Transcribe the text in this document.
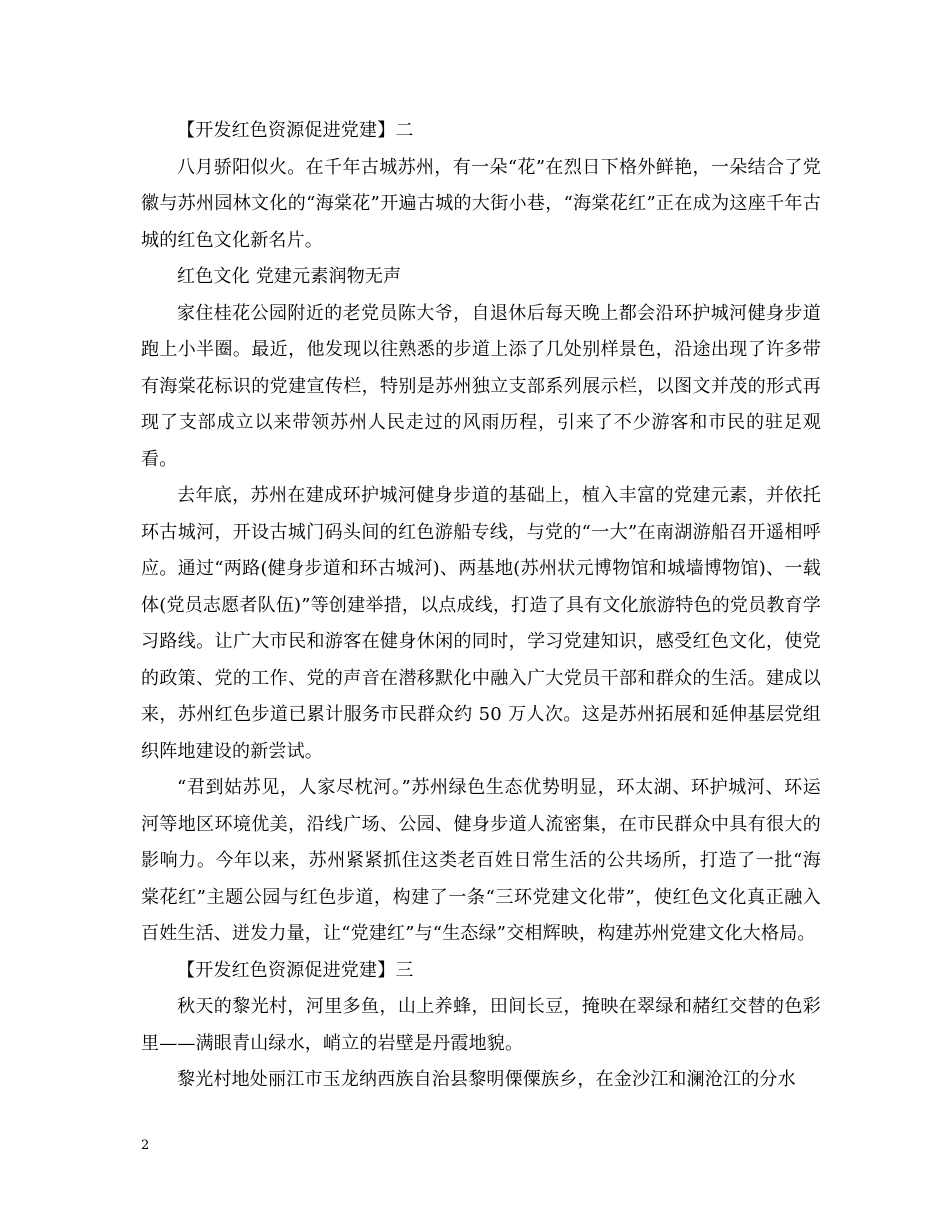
【开发红色资源促进党建】二

八月骄阳似火。在千年古城苏州，有一朵“花”在烈日下格外鲜艳，一朵结合了党徽与苏州园林文化的“海棠花”开遍古城的大街小巷，“海棠花红”正在成为这座千年古城的红色文化新名片。

红色文化 党建元素润物无声

家住桂花公园附近的老党员陈大爷，自退休后每天晚上都会沿环护城河健身步道跑上小半圈。最近，他发现以往熟悉的步道上添了几处别样景色，沿途出现了许多带有海棠花标识的党建宣传栏，特别是苏州独立支部系列展示栏，以图文并茂的形式再现了支部成立以来带领苏州人民走过的风雨历程，引来了不少游客和市民的驻足观看。

去年底，苏州在建成环护城河健身步道的基础上，植入丰富的党建元素，并依托环古城河，开设古城门码头间的红色游船专线，与党的“一大”在南湖游船召开遥相呼应。通过“两路(健身步道和环古城河)、两基地(苏州状元博物馆和城墙博物馆)、一载体(党员志愿者队伍)”等创建举措，以点成线，打造了具有文化旅游特色的党员教育学习路线。让广大市民和游客在健身休闲的同时，学习党建知识，感受红色文化，使党的政策、党的工作、党的声音在潜移默化中融入广大党员干部和群众的生活。建成以来，苏州红色步道已累计服务市民群众约 50 万人次。这是苏州拓展和延伸基层党组织阵地建设的新尝试。

“君到姑苏见，人家尽枕河。”苏州绿色生态优势明显，环太湖、环护城河、环运河等地区环境优美，沿线广场、公园、健身步道人流密集，在市民群众中具有很大的影响力。今年以来，苏州紧紧抓住这类老百姓日常生活的公共场所，打造了一批“海棠花红”主题公园与红色步道，构建了一条“三环党建文化带”，使红色文化真正融入百姓生活、迸发力量，让“党建红”与“生态绿”交相辉映，构建苏州党建文化大格局。

【开发红色资源促进党建】三

秋天的黎光村，河里多鱼，山上养蜂，田间长豆，掩映在翠绿和赭红交替的色彩里——满眼青山绿水，峭立的岩壁是丹霞地貌。

黎光村地处丽江市玉龙纳西族自治县黎明傈僳族乡，在金沙江和澜沧江的分水

2
